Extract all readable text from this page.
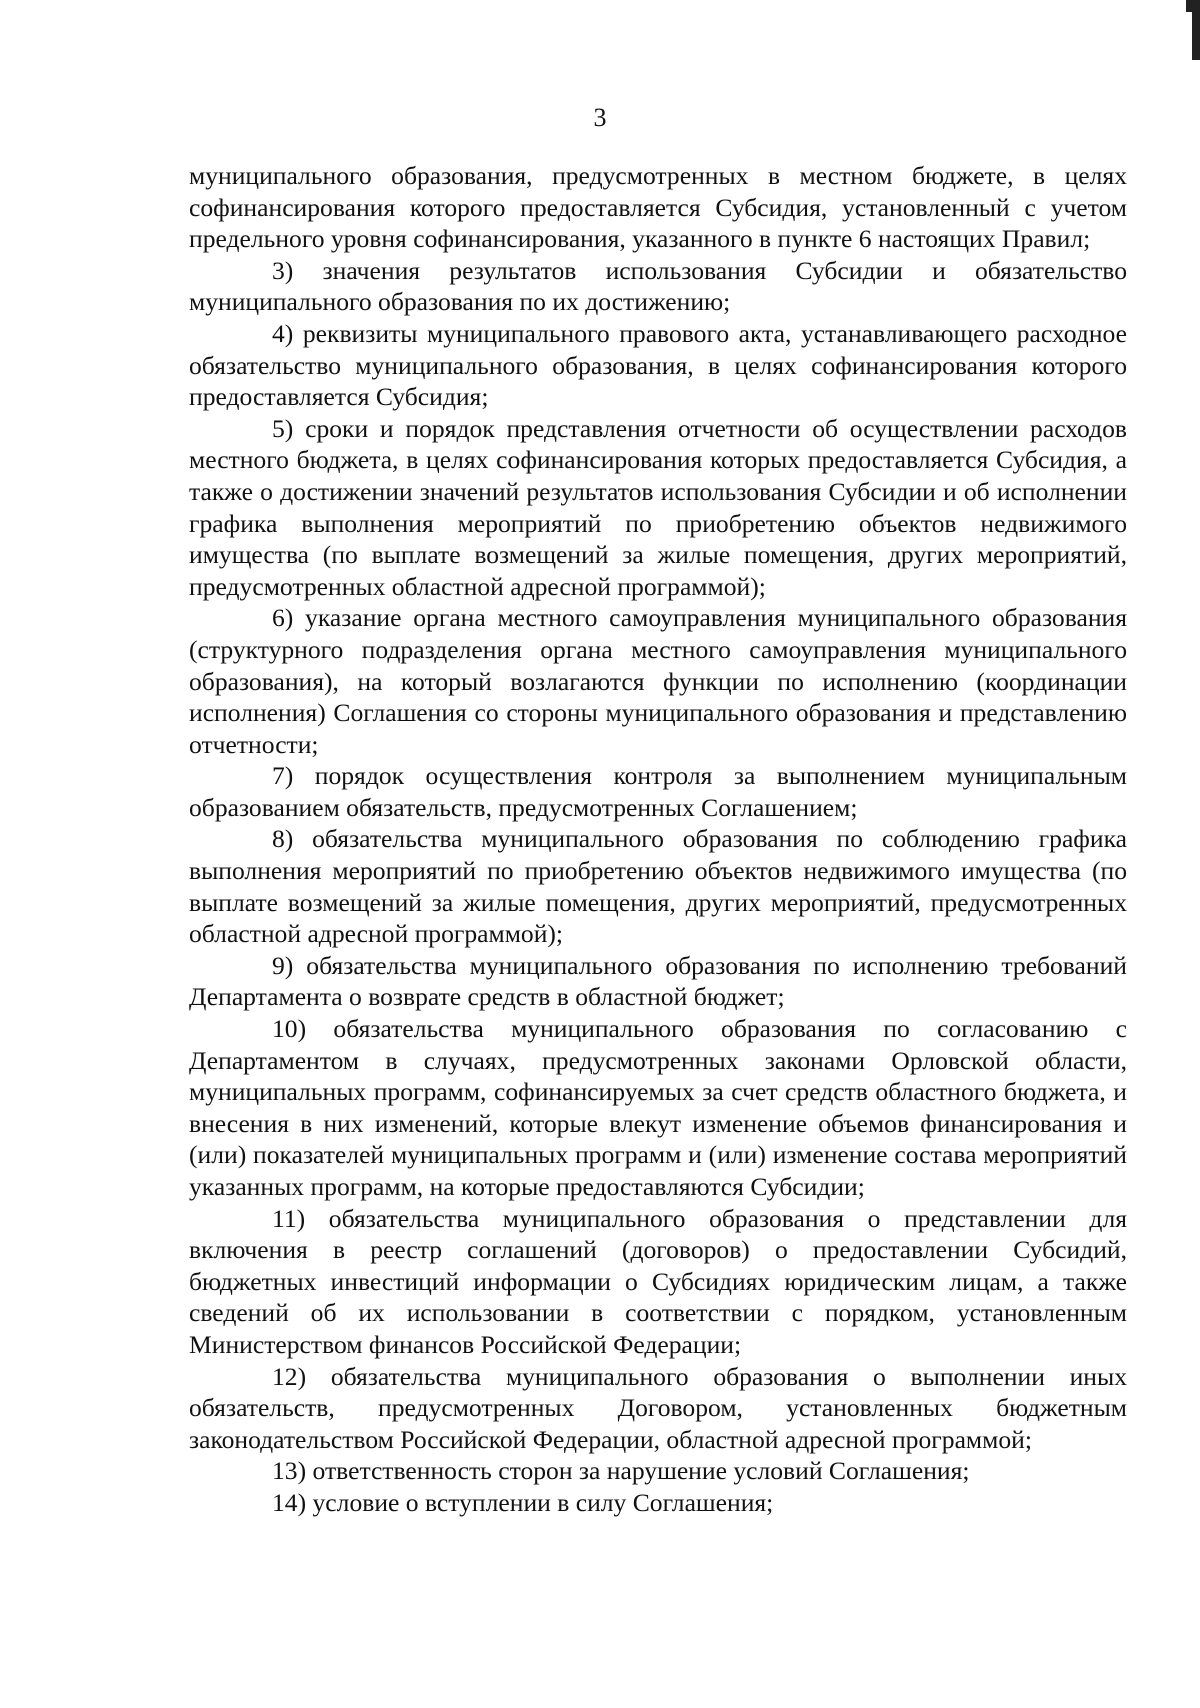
3

муниципального образования, предусмотренных в местном бюджете, в целях софинансирования которого предоставляется Субсидия, установленный с учетом предельного уровня софинансирования, указанного в пункте 6 настоящих Правил;

3) значения результатов использования Субсидии и обязательство муниципального образования по их достижению;

4) реквизиты муниципального правового акта, устанавливающего расходное обязательство муниципального образования, в целях софинансирования которого предоставляется Субсидия;

5) сроки и порядок представления отчетности об осуществлении расходов местного бюджета, в целях софинансирования которых предоставляется Субсидия, а также о достижении значений результатов использования Субсидии и об исполнении графика выполнения мероприятий по приобретению объектов недвижимого имущества (по выплате возмещений за жилые помещения, других мероприятий, предусмотренных областной адресной программой);

6) указание органа местного самоуправления муниципального образования (структурного подразделения органа местного самоуправления муниципального образования), на который возлагаются функции по исполнению (координации исполнения) Соглашения со стороны муниципального образования и представлению отчетности;

7) порядок осуществления контроля за выполнением муниципальным образованием обязательств, предусмотренных Соглашением;

8) обязательства муниципального образования по соблюдению графика выполнения мероприятий по приобретению объектов недвижимого имущества (по выплате возмещений за жилые помещения, других мероприятий, предусмотренных областной адресной программой);

9) обязательства муниципального образования по исполнению требований Департамента о возврате средств в областной бюджет;

10) обязательства муниципального образования по согласованию с Департаментом в случаях, предусмотренных законами Орловской области, муниципальных программ, софинансируемых за счет средств областного бюджета, и внесения в них изменений, которые влекут изменение объемов финансирования и (или) показателей муниципальных программ и (или) изменение состава мероприятий указанных программ, на которые предоставляются Субсидии;

11) обязательства муниципального образования о представлении для включения в реестр соглашений (договоров) о предоставлении Субсидий, бюджетных инвестиций информации о Субсидиях юридическим лицам, а также сведений об их использовании в соответствии с порядком, установленным Министерством финансов Российской Федерации;

12) обязательства муниципального образования о выполнении иных обязательств, предусмотренных Договором, установленных бюджетным законодательством Российской Федерации, областной адресной программой;

13) ответственность сторон за нарушение условий Соглашения;

14) условие о вступлении в силу Соглашения;
